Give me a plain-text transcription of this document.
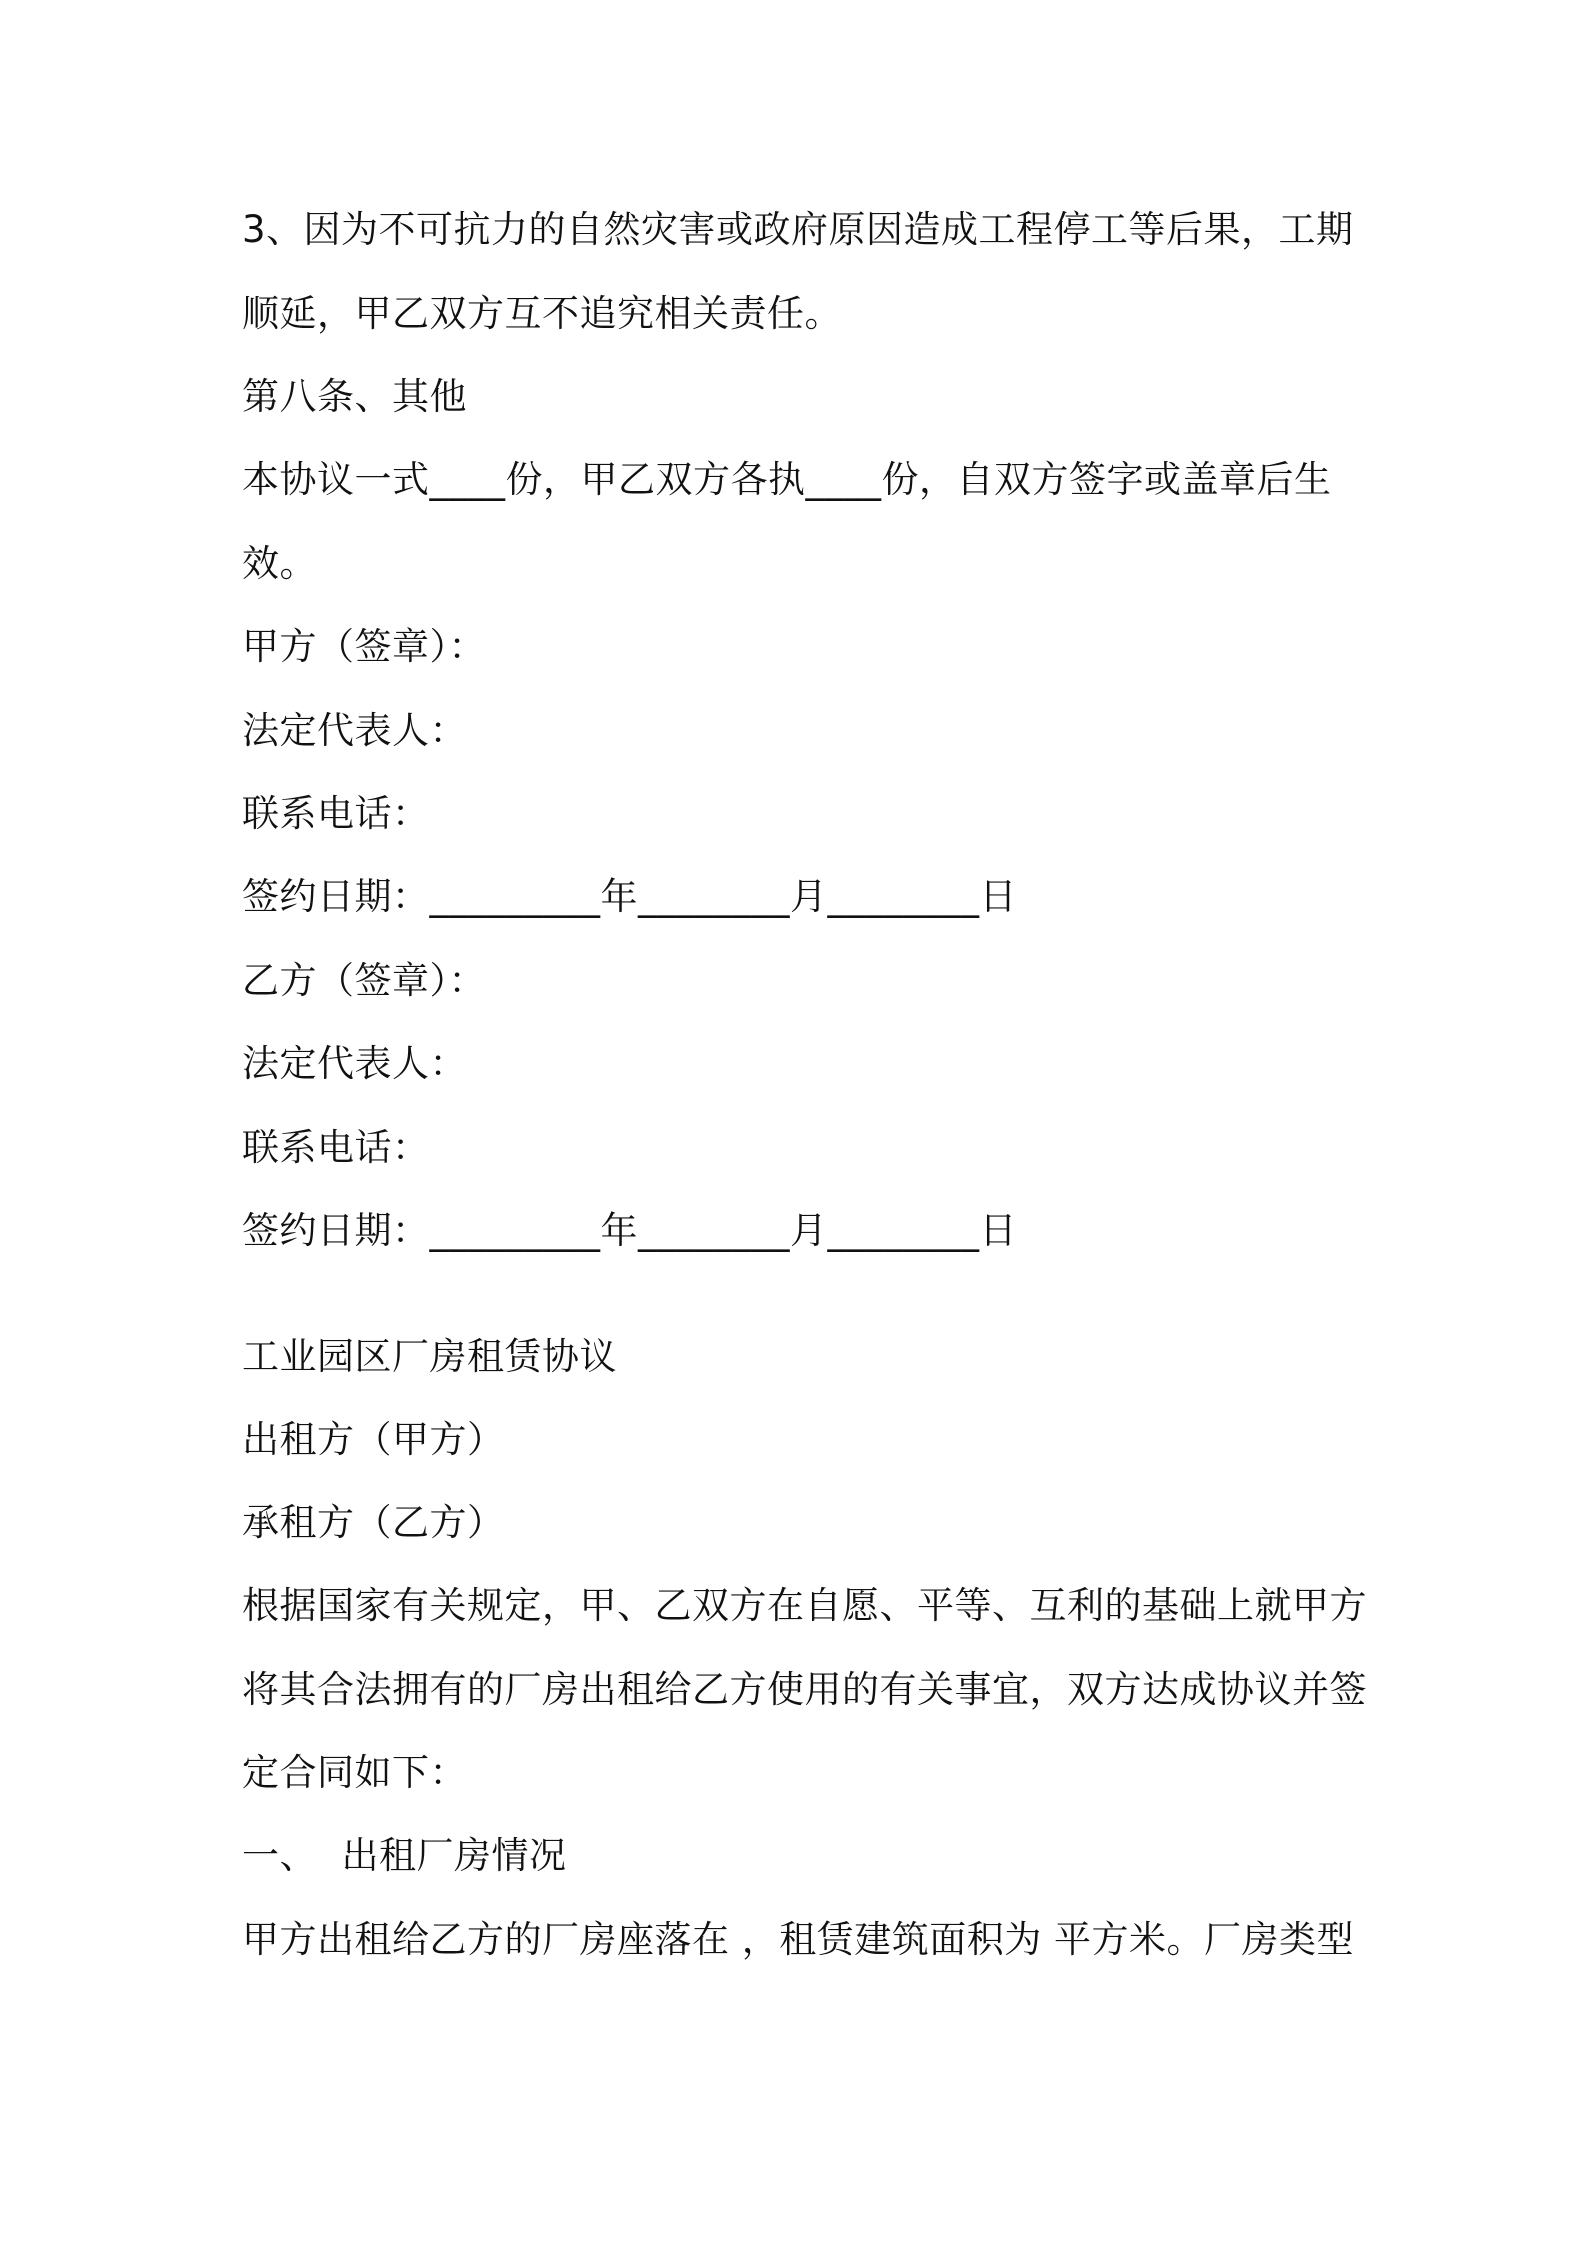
3、因为不可抗力的自然灾害或政府原因造成工程停工等后果，工期
顺延，甲乙双方互不追究相关责任。
第八条、其他
本协议一式____份，甲乙双方各执____份，自双方签字或盖章后生
效。
甲方（签章）：
法定代表人：
联系电话：
签约日期：_________年________月________日
乙方（签章）：
法定代表人：
联系电话：
签约日期：_________年________月________日
工业园区厂房租赁协议
出租方（甲方）
承租方（乙方）
根据国家有关规定，甲、乙双方在自愿、平等、互利的基础上就甲方
将其合法拥有的厂房出租给乙方使用的有关事宜，双方达成协议并签
定合同如下：
一、  出租厂房情况
甲方出租给乙方的厂房座落在 ，租赁建筑面积为 平方米。厂房类型
